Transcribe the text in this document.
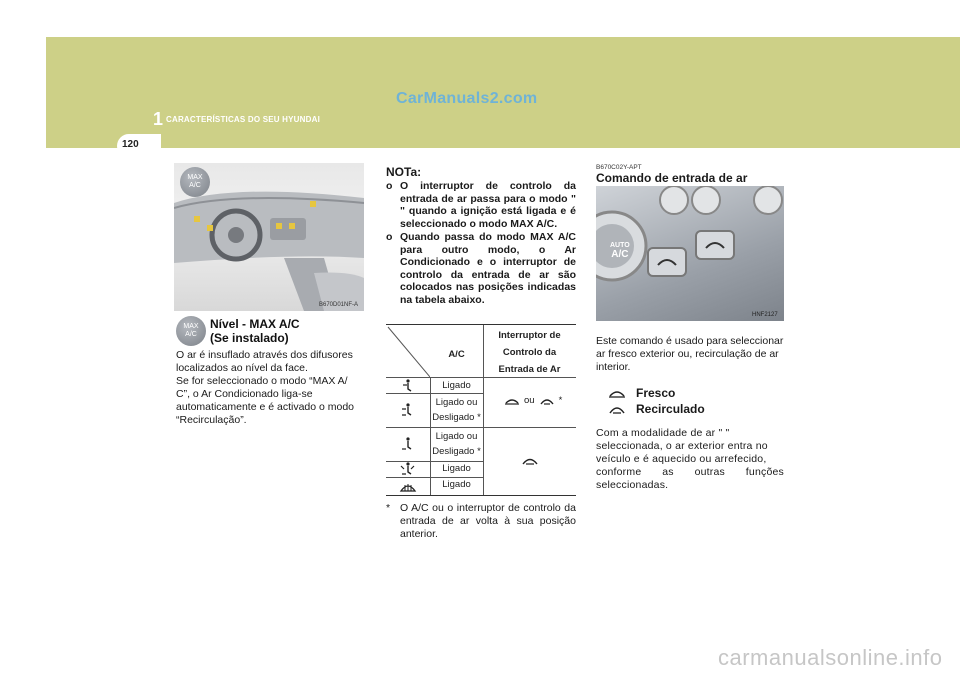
120
1 CARACTERÍSTICAS DO SEU HYUNDAI
CarManuals2.com
MAX
A/C
B670D01NF-A
MAX
A/C
Nível - MAX A/C
(Se instalado)
O ar é insuflado através dos difusores
localizados ao nível da face.
Se for seleccionado o modo “MAX A/
C”, o Ar Condicionado liga-se
automaticamente e é activado o modo
“Recirculação”.
NOTa:
o O interruptor de controlo da entrada de ar passa para o modo " " quando a ignição está ligada e é seleccionado o modo MAX A/C.
o Quando passa do modo MAX A/C para outro modo, o Ar Condicionado e o interruptor de controlo da entrada de ar são colocados nas posições indicadas na tabela abaixo.
A/C
Interruptor de
Controlo da
Entrada de Ar
Ligado
Ligado ou
Desligado *
Ligado ou
Desligado *
Ligado
Ligado
ou	*
* O A/C ou o interruptor de controlo da entrada de ar volta à sua posição anterior.
B670C02Y-APT
Comando de entrada de ar
AUTO
A/C
HNF2127
Este comando é usado para seleccionar
ar fresco exterior ou, recirculação de ar
interior.
Fresco
Recirculado
Com a modalidade de ar " "
seleccionada, o ar exterior entra no
veículo e é aquecido ou arrefecido,
conforme as outras funções
seleccionadas.
carmanualsonline.info
